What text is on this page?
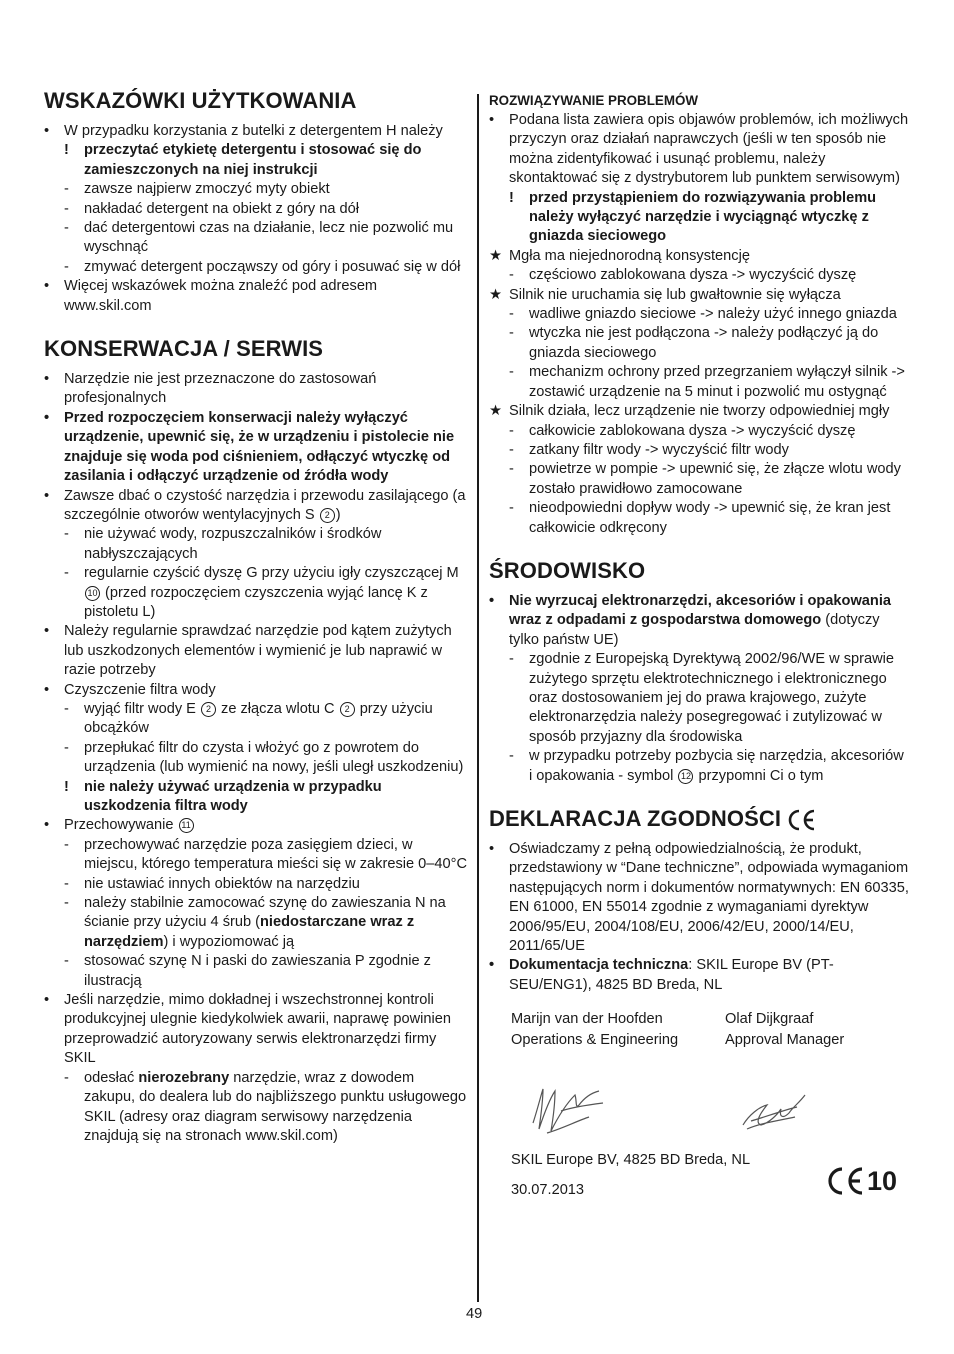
WSKAZÓWKI UŻYTKOWANIA
•	W przypadku korzystania z butelki z detergentem H należy
!	przeczytać etykietę detergentu i stosować się do zamieszczonych na niej instrukcji
-	zawsze najpierw zmoczyć myty obiekt
-	nakładać detergent na obiekt z góry na dół
-	dać detergentowi czas na działanie, lecz nie pozwolić mu wyschnąć
-	zmywać detergent począwszy od góry i posuwać się w dół
•	Więcej wskazówek można znaleźć pod adresem www.skil.com
KONSERWACJA / SERWIS
•	Narzędzie nie jest przeznaczone do zastosowań profesjonalnych
•	Przed rozpoczęciem konserwacji należy wyłączyć urządzenie, upewnić się, że w urządzeniu i pistolecie nie znajduje się woda pod ciśnieniem, odłączyć wtyczkę od zasilania i odłączyć urządzenie od źródła wody
•	Zawsze dbać o czystość narzędzia i przewodu zasilającego (a szczególnie otworów wentylacyjnych S 2 )
-	nie używać wody, rozpuszczalników i środków nabłyszczających
-	regularnie czyścić dyszę G przy użyciu igły czyszczącej M 10 (przed rozpoczęciem czyszczenia wyjąć lancę K z pistoletu L)
•	Należy regularnie sprawdzać narzędzie pod kątem zużytych lub uszkodzonych elementów i wymienić je lub naprawić w razie potrzeby
•	Czyszczenie filtra wody
-	wyjąć filtr wody E 2 ze złącza wlotu C 2 przy użyciu obcążków
-	przepłukać filtr do czysta i włożyć go z powrotem do urządzenia (lub wymienić na nowy, jeśli uległ uszkodzeniu)
!	nie należy używać urządzenia w przypadku uszkodzenia filtra wody
•	Przechowywanie 11
-	przechowywać narzędzie poza zasięgiem dzieci, w miejscu, którego temperatura mieści się w zakresie 0–40°C
-	nie ustawiać innych obiektów na narzędziu
-	należy stabilnie zamocować szynę do zawieszania N na ścianie przy użyciu 4 śrub (niedostarczane wraz z narzędziem) i wypoziomować ją
-	stosować szynę N i paski do zawieszania P zgodnie z ilustracją
•	Jeśli narzędzie, mimo dokładnej i wszechstronnej kontroli produkcyjnej ulegnie kiedykolwiek awarii, naprawę powinien przeprowadzić autoryzowany serwis elektronarzędzi firmy SKIL
-	odesłać nierozebrany narzędzie, wraz z dowodem zakupu, do dealera lub do najbliższego punktu usługowego SKIL (adresy oraz diagram serwisowy narzędzenia znajdują się na stronach www.skil.com)
ROZWIĄZYWANIE PROBLEMÓW
•	Podana lista zawiera opis objawów problemów, ich możliwych przyczyn oraz działań naprawczych (jeśli w ten sposób nie można zidentyfikować i usunąć problemu, należy skontaktować się z dystrybutorem lub punktem serwisowym)
!	przed przystąpieniem do rozwiązywania problemu należy wyłączyć narzędzie i wyciągnąć wtyczkę z gniazda sieciowego
★ Mgła ma niejednorodną konsystencję
-	częściowo zablokowana dysza -> wyczyścić dyszę
★ Silnik nie uruchamia się lub gwałtownie się wyłącza
-	wadliwe gniazdo sieciowe -> należy użyć innego gniazda
-	wtyczka nie jest podłączona -> należy podłączyć ją do gniazda sieciowego
-	mechanizm ochrony przed przegrzaniem wyłączył silnik -> zostawić urządzenie na 5 minut i pozwolić mu ostygnąć
★ Silnik działa, lecz urządzenie nie tworzy odpowiedniej mgły
-	całkowicie zablokowana dysza -> wyczyścić dyszę
-	zatkany filtr wody -> wyczyścić filtr wody
-	powietrze w pompie -> upewnić się, że złącze wlotu wody zostało prawidłowo zamocowane
-	nieodpowiedni dopływ wody -> upewnić się, że kran jest całkowicie odkręcony
ŚRODOWISKO
•	Nie wyrzucaj elektronarzędzi, akcesoriów i opakowania wraz z odpadami z gospodarstwa domowego (dotyczy tylko państw UE)
-	zgodnie z Europejską Dyrektywą 2002/96/WE w sprawie zużytego sprzętu elektrotechnicznego i elektronicznego oraz dostosowaniem jej do prawa krajowego, zużyte elektronarzędzia należy posegregować i zutylizować w sposób przyjazny dla środowiska
-	w przypadku potrzeby pozbycia się narzędzia, akcesoriów i opakowania - symbol 12 przypomni Ci o tym
DEKLARACJA ZGODNOŚCI
•	Oświadczamy z pełną odpowiedzialnością, że produkt, przedstawiony w “Dane techniczne”, odpowiada wymaganiom następujących norm i dokumentów normatywnych: EN 60335, EN 61000, EN 55014 zgodnie z wymaganiami dyrektyw 2006/95/EU, 2004/108/EU, 2006/42/EU, 2000/14/EU, 2011/65/UE
•	Dokumentacja techniczna: SKIL Europe BV (PT-SEU/ENG1), 4825 BD Breda, NL
Marijn van der Hoofden
Operations & Engineering
Olaf Dijkgraaf
Approval Manager
SKIL Europe BV, 4825 BD Breda, NL
30.07.2013	10
49
